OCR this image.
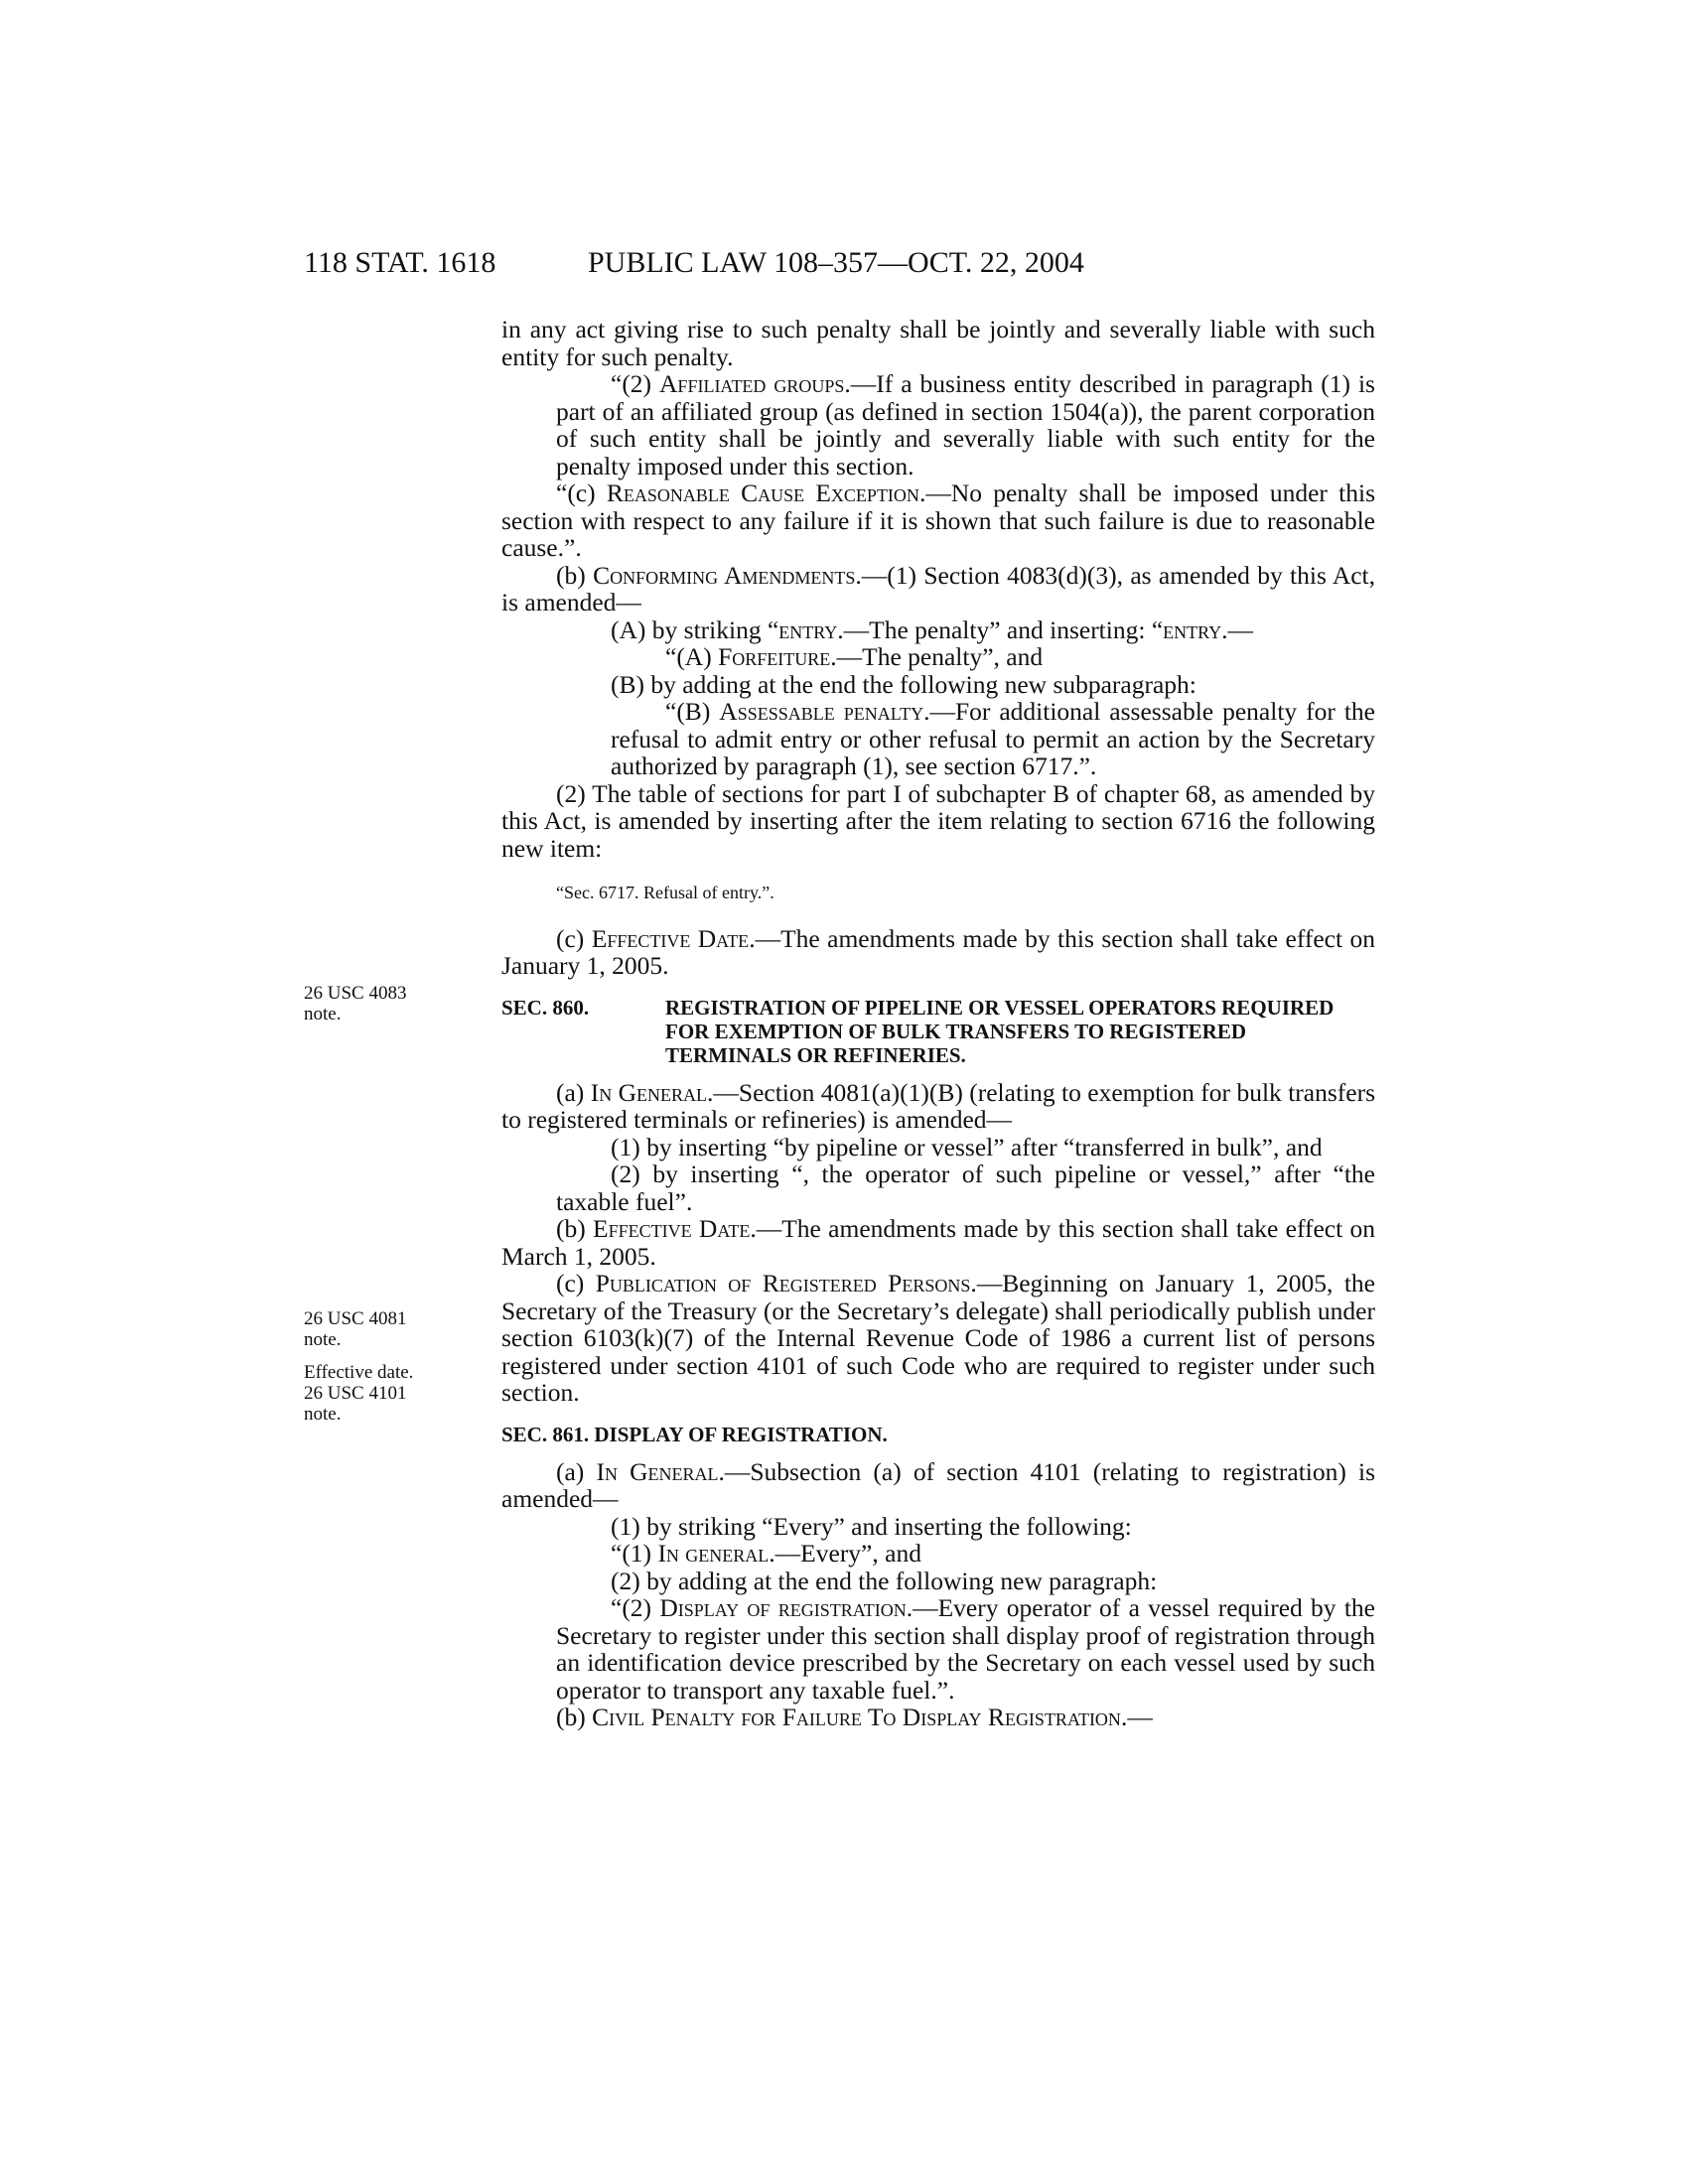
118 STAT. 1618	PUBLIC LAW 108–357—OCT. 22, 2004
26 USC 4083
note.
26 USC 4081
note.
Effective date.
26 USC 4101
note.

in any act giving rise to such penalty shall be jointly and severally liable with such entity for such penalty.

“(2) Affiliated groups.—If a business entity described in paragraph (1) is part of an affiliated group (as defined in section 1504(a)), the parent corporation of such entity shall be jointly and severally liable with such entity for the penalty imposed under this section.

“(c) Reasonable Cause Exception.—No penalty shall be imposed under this section with respect to any failure if it is shown that such failure is due to reasonable cause.”.

(b) Conforming Amendments.—(1) Section 4083(d)(3), as amended by this Act, is amended—

(A) by striking “entry.—The penalty” and inserting: “entry.—

“(A) Forfeiture.—The penalty”, and

(B) by adding at the end the following new subparagraph:

“(B) Assessable penalty.—For additional assessable penalty for the refusal to admit entry or other refusal to permit an action by the Secretary authorized by paragraph (1), see section 6717.”.

(2) The table of sections for part I of subchapter B of chapter 68, as amended by this Act, is amended by inserting after the item relating to section 6716 the following new item:

“Sec. 6717. Refusal of entry.”.

(c) Effective Date.—The amendments made by this section shall take effect on January 1, 2005.

SEC. 860.	REGISTRATION OF PIPELINE OR VESSEL OPERATORS REQUIRED FOR EXEMPTION OF BULK TRANSFERS TO REGISTERED TERMINALS OR REFINERIES.

(a) In General.—Section 4081(a)(1)(B) (relating to exemption for bulk transfers to registered terminals or refineries) is amended—

(1) by inserting “by pipeline or vessel” after “transferred in bulk”, and

(2) by inserting “, the operator of such pipeline or vessel,” after “the taxable fuel”.

(b) Effective Date.—The amendments made by this section shall take effect on March 1, 2005.

(c) Publication of Registered Persons.—Beginning on January 1, 2005, the Secretary of the Treasury (or the Secretary’s delegate) shall periodically publish under section 6103(k)(7) of the Internal Revenue Code of 1986 a current list of persons registered under section 4101 of such Code who are required to register under such section.

SEC. 861. DISPLAY OF REGISTRATION.

(a) In General.—Subsection (a) of section 4101 (relating to registration) is amended—

(1) by striking “Every” and inserting the following:

“(1) In general.—Every”, and

(2) by adding at the end the following new paragraph:

“(2) Display of registration.—Every operator of a vessel required by the Secretary to register under this section shall display proof of registration through an identification device prescribed by the Secretary on each vessel used by such operator to transport any taxable fuel.”.

(b) Civil Penalty for Failure To Display Registration.—
